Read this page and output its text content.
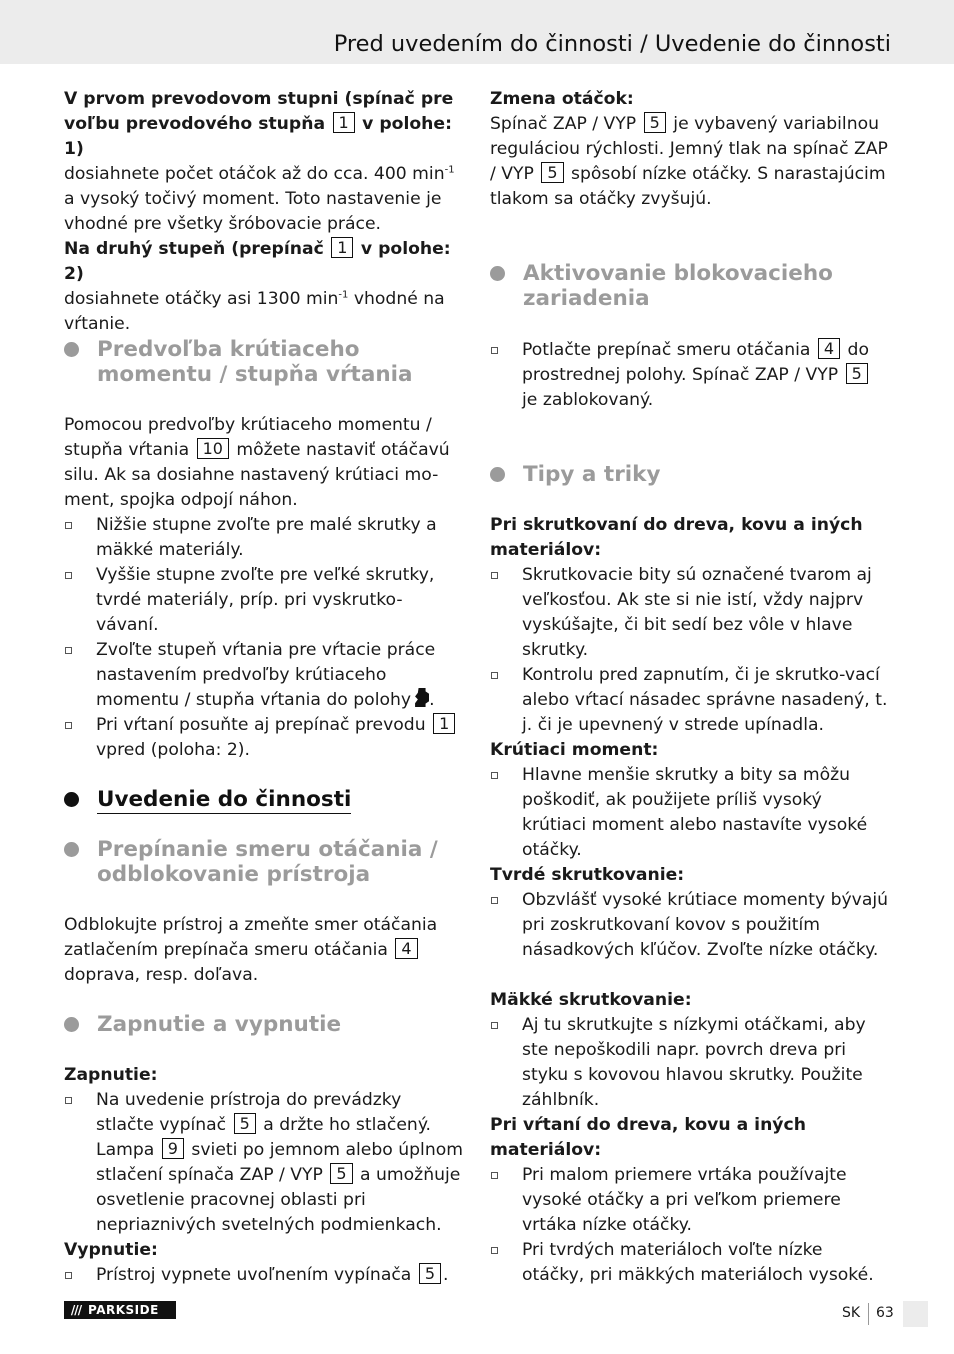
Pred uvedením do činnosti / Uvedenie do činnosti

V prvom prevodovom stupni (spínač pre voľbu prevodového stupňa 1 v polohe: 1)
dosiahnete počet otáčok až do cca. 400 $\min^{-1} a$ vysoký točivý moment. Toto nastavenie je vhodné pre všetky šróbovacie práce.

Na druhý stupeň (prepínač 1 v polohe: 2)
dosiahnete otáčky asi 1300 $\min^{-1}$ vhodné na vŕtanie.

Predvoľba krútiaceho momentu / stupňa vŕtania

Pomocou predvoľby krútiaceho momentu / stupňa vŕtania 10 môžete nastaviť otáčavú silu. Ak sa dosiahne nastavený krútiaci mo-ment, spojka odpojí náhon.

Nižšie stupne zvoľte pre malé skrutky a mäkké materiály.
Vyššie stupne zvoľte pre veľké skrutky, tvrdé materiály, príp. pri vyskrutko-vávaní.
Zvoľte stupeň vŕtania pre vŕtacie práce nastavením predvoľby krútiaceho momentu / stupňa vŕtania do polohy .
Pri vŕtaní posuňte aj prepínač prevodu 1 vpred (poloha: 2).
Uvedenie do činnosti
Prepínanie smeru otáčania / odblokovanie prístroja

Odblokujte prístroj a zmeňte smer otáčania zatlačením prepínača smeru otáčania 4 doprava, resp. doľava.

Zapnutie a vypnutie
Zapnutie:
Na uvedenie prístroja do prevádzky stlačte vypínač 5 a držte ho stlačený. Lampa 9 svieti po jemnom alebo úplnom stlačení spínača ZAP / VYP 5 a umožňuje osvetlenie pracovnej oblasti pri nepriaznivých svetelných podmienkach.
Vypnutie:
Prístroj vypnete uvoľnením vypínača 5 .
Zmena otáčok:

Spínač ZAP / VYP 5 je vybavený variabilnou reguláciou rýchlosti. Jemný tlak na spínač ZAP / VYP 5 spôsobí nízke otáčky. S narastajúcim tlakom sa otáčky zvyšujú.

Aktivovanie blokovacieho zariadenia
Potlačte prepínač smeru otáčania 4 do prostrednej polohy. Spínač ZAP / VYP 5 je zablokovaný.
Tipy a triky
Pri skrutkovaní do dreva, kovu a iných materiálov:
Skrutkovacie bity sú označené tvarom aj veľkosťou. Ak ste si nie istí, vždy najprv vyskúšajte, či bit sedí bez vôle v hlave skrutky.
Kontrolu pred zapnutím, či je skrutko-vací alebo vŕtací násadec správne nasadený, t. j. či je upevnený v strede upínadla.
Krútiaci moment:
Hlavne menšie skrutky a bity sa môžu poškodiť, ak použijete príliš vysoký krútiaci moment alebo nastavíte vysoké otáčky.
Tvrdé skrutkovanie:
Obzvlášť vysoké krútiace momenty bývajú pri zoskrutkovaní kovov s použitím násadkových kľúčov. Zvoľte nízke otáčky.
Mäkké skrutkovanie:
Aj tu skrutkujte s nízkymi otáčkami, aby ste nepoškodili napr. povrch dreva pri styku s kovovou hlavou skrutky. Použite záhlbník.
Pri vŕtaní do dreva, kovu a iných materiálov:
Pri malom priemere vrtáka používajte vysoké otáčky a pri veľkom priemere vrtáka nízke otáčky.
Pri tvrdých materiáloch voľte nízke otáčky, pri mäkkých materiáloch vysoké.
/// PARKSIDE	SK 63
